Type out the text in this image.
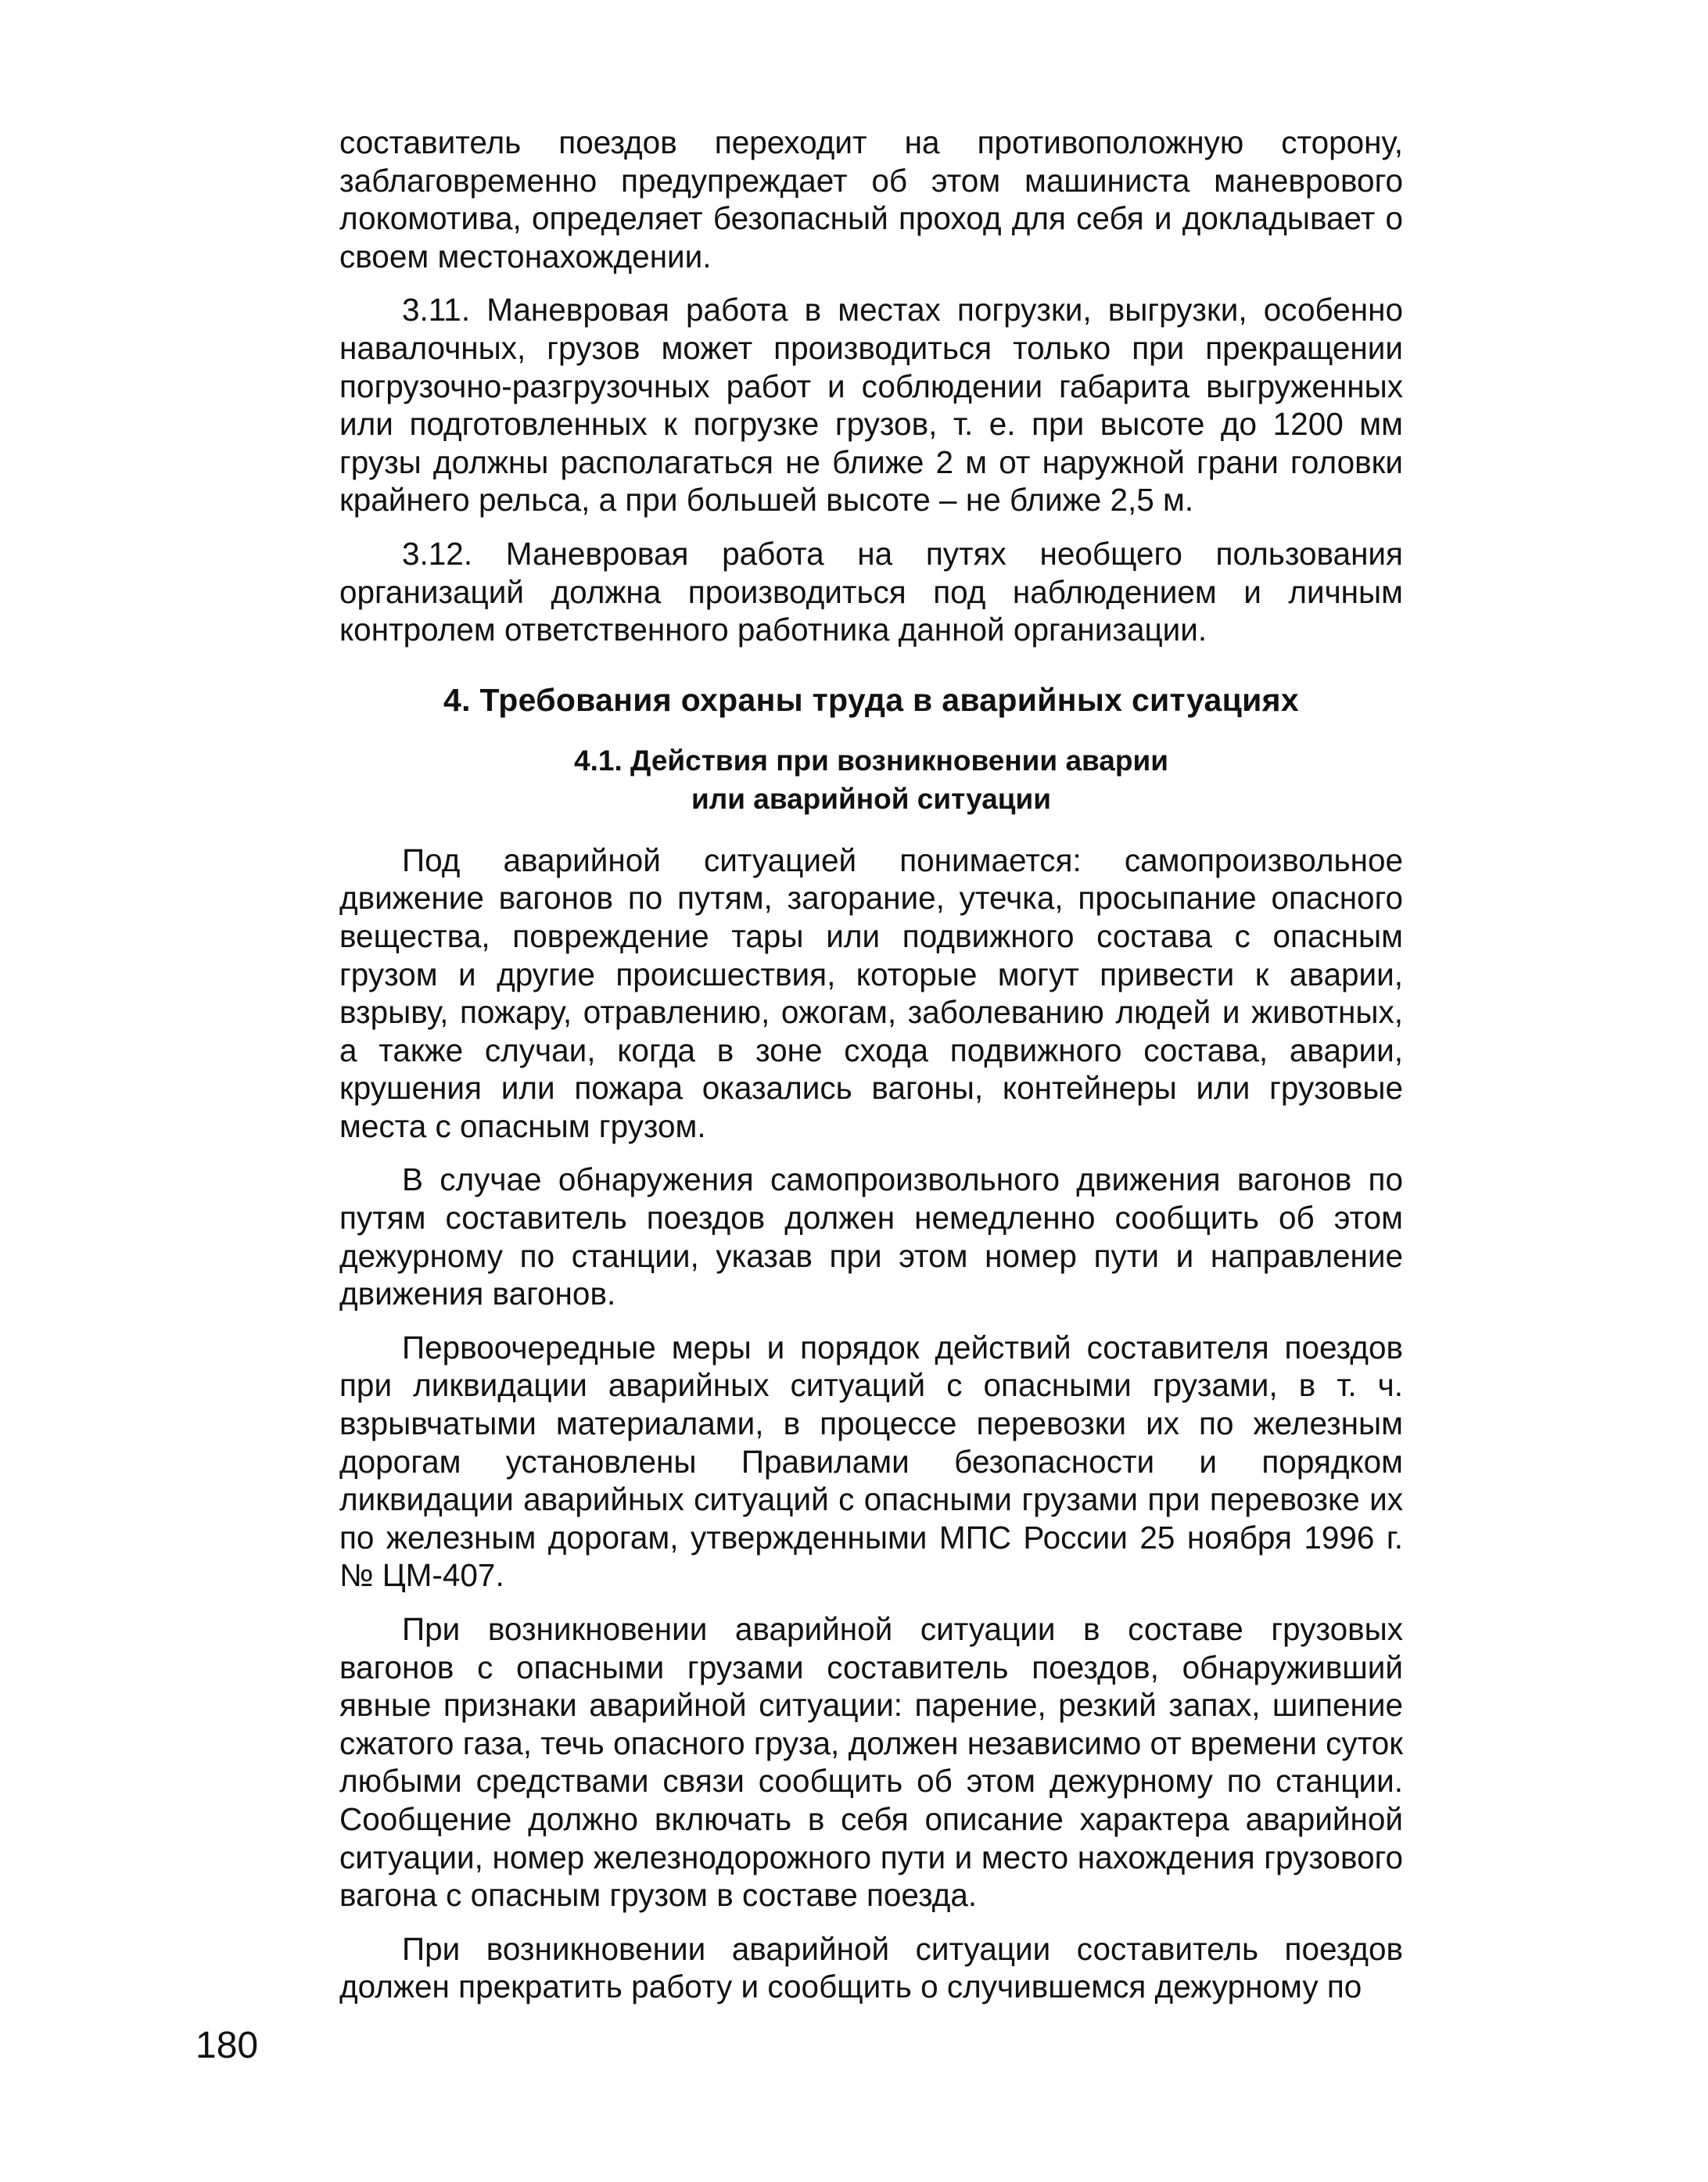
составитель поездов переходит на противоположную сторону, заблаговременно предупреждает об этом машиниста маневрового локомотива, определяет безопасный проход для себя и докладывает о своем местонахождении.

3.11. Маневровая работа в местах погрузки, выгрузки, особенно навалочных, грузов может производиться только при прекращении погрузочно-разгрузочных работ и соблюдении габарита выгруженных или подготовленных к погрузке грузов, т. е. при высоте до 1200 мм грузы должны располагаться не ближе 2 м от наружной грани головки крайнего рельса, а при большей высоте – не ближе 2,5 м.

3.12. Маневровая работа на путях необщего пользования организаций должна производиться под наблюдением и личным контролем ответственного работника данной организации.

4. Требования охраны труда в аварийных ситуациях
4.1. Действия при возникновении аварии
или аварийной ситуации

Под аварийной ситуацией понимается: самопроизвольное движение вагонов по путям, загорание, утечка, просыпание опасного вещества, повреждение тары или подвижного состава с опасным грузом и другие происшествия, которые могут привести к аварии, взрыву, пожару, отравлению, ожогам, заболеванию людей и животных, а также случаи, когда в зоне схода подвижного состава, аварии, крушения или пожара оказались вагоны, контейнеры или грузовые места с опасным грузом.

В случае обнаружения самопроизвольного движения вагонов по путям составитель поездов должен немедленно сообщить об этом дежурному по станции, указав при этом номер пути и направление движения вагонов.

Первоочередные меры и порядок действий составителя поездов при ликвидации аварийных ситуаций с опасными грузами, в т. ч. взрывчатыми материалами, в процессе перевозки их по железным дорогам установлены Правилами безопасности и порядком ликвидации аварийных ситуаций с опасными грузами при перевозке их по железным дорогам, утвержденными МПС России 25 ноября 1996 г. № ЦМ-407.

При возникновении аварийной ситуации в составе грузовых вагонов с опасными грузами составитель поездов, обнаруживший явные признаки аварийной ситуации: парение, резкий запах, шипение сжатого газа, течь опасного груза, должен независимо от времени суток любыми средствами связи сообщить об этом дежурному по станции. Сообщение должно включать в себя описание характера аварийной ситуации, номер железнодорожного пути и место нахождения грузового вагона с опасным грузом в составе поезда.

При возникновении аварийной ситуации составитель поездов должен прекратить работу и сообщить о случившемся дежурному по

180
